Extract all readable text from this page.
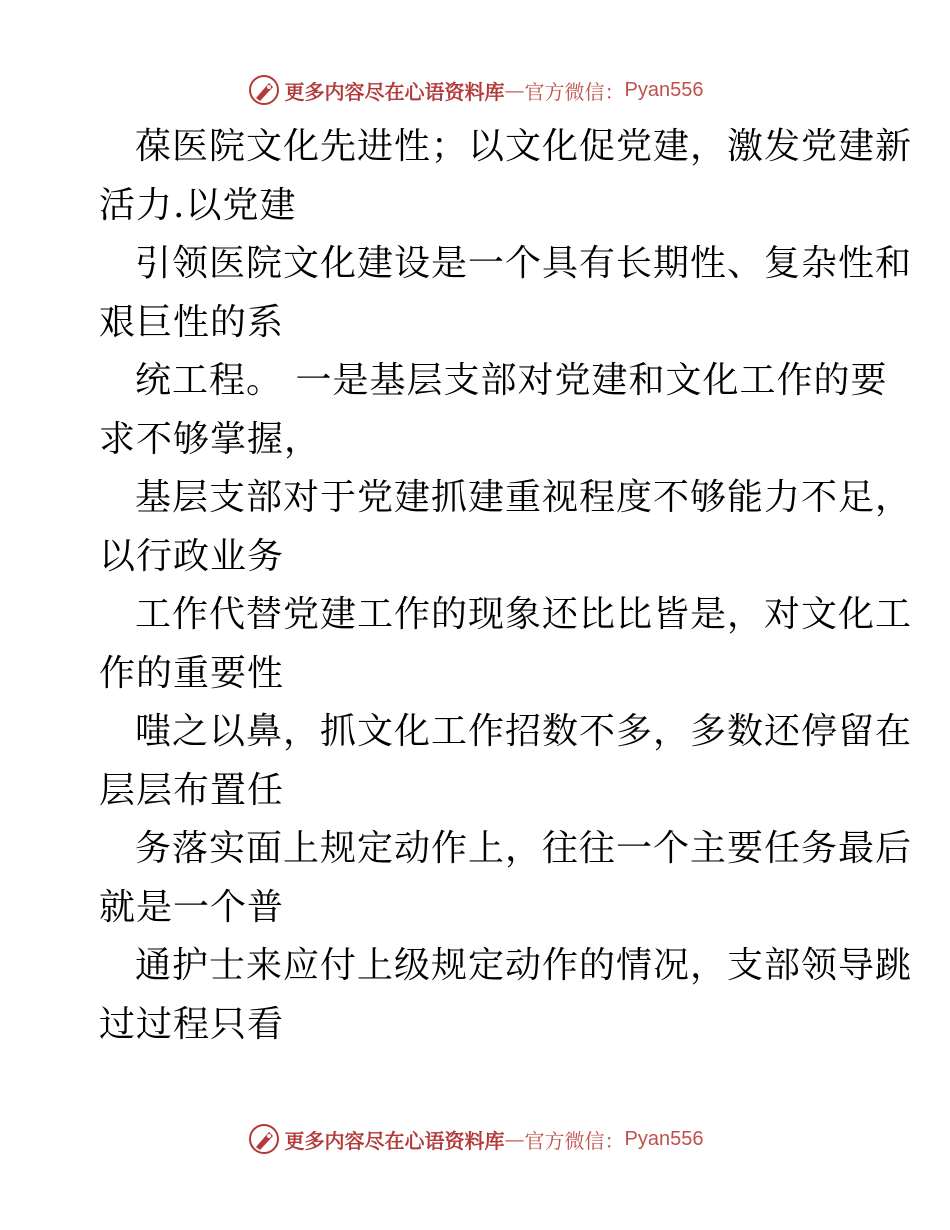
更多内容尽在心语资料库 — 官方微信： Pyan556
葆医院文化先进性；以文化促党建，激发党建新
活力.以党建
引领医院文化建设是一个具有长期性、复杂性和
艰巨性的系
统工程。 一是基层支部对党建和文化工作的要
求不够掌握，
基层支部对于党建抓建重视程度不够能力不足，
以行政业务
工作代替党建工作的现象还比比皆是，对文化工
作的重要性
嗤之以鼻，抓文化工作招数不多，多数还停留在
层层布置任
务落实面上规定动作上，往往一个主要任务最后
就是一个普
通护士来应付上级规定动作的情况，支部领导跳
过过程只看
更多内容尽在心语资料库 — 官方微信： Pyan556
